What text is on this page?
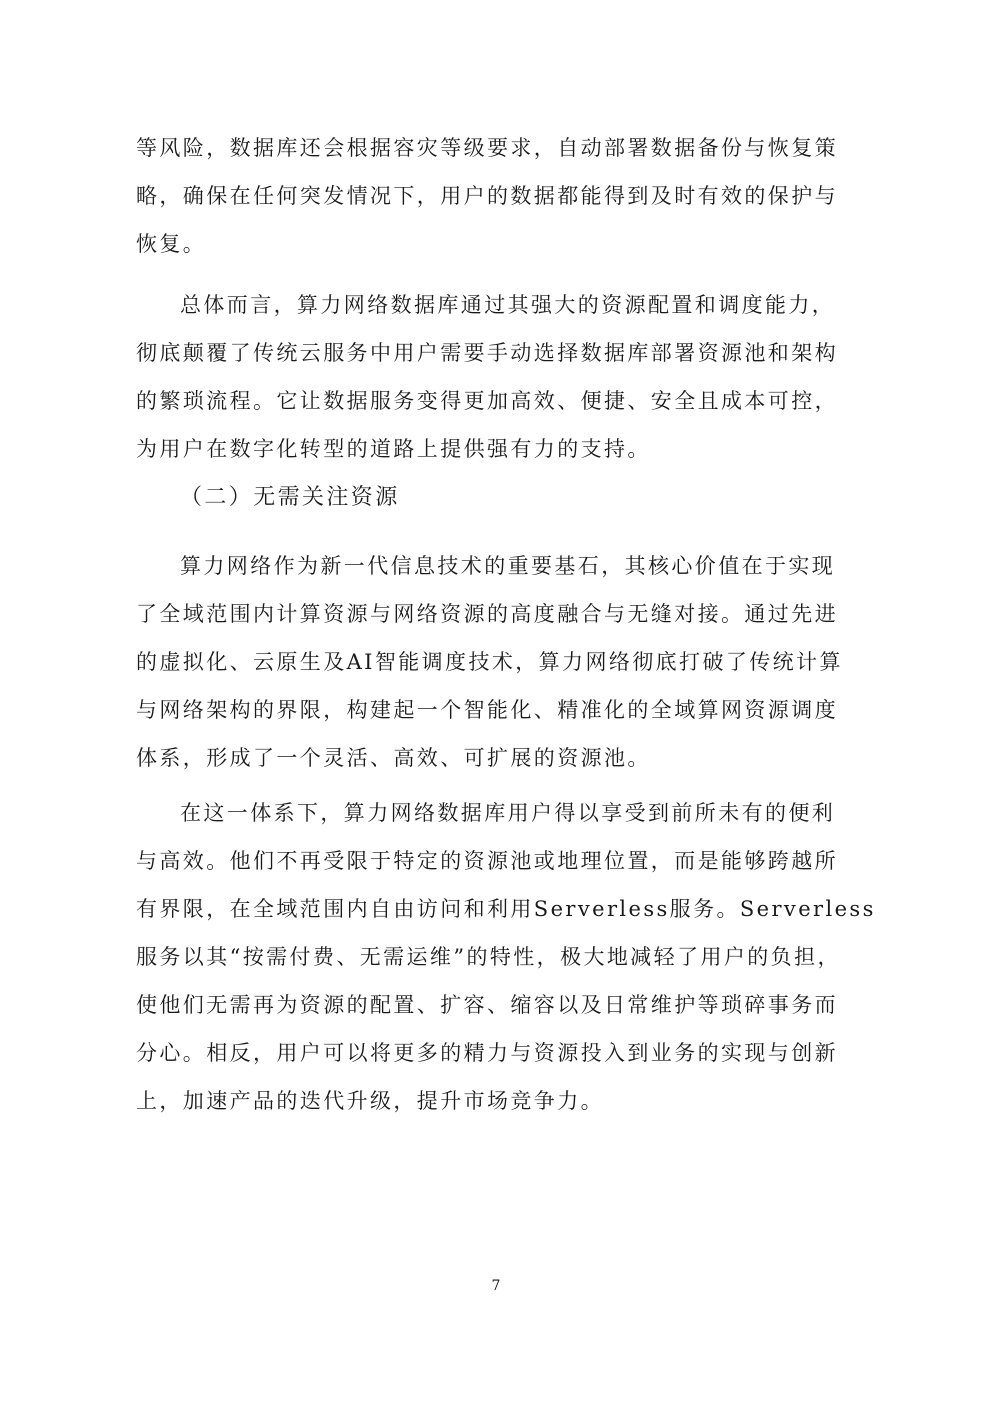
等风险，数据库还会根据容灾等级要求，自动部署数据备份与恢复策
略，确保在任何突发情况下，用户的数据都能得到及时有效的保护与
恢复。
总体而言，算力网络数据库通过其强大的资源配置和调度能力，
彻底颠覆了传统云服务中用户需要手动选择数据库部署资源池和架构
的繁琐流程。它让数据服务变得更加高效、便捷、安全且成本可控，
为用户在数字化转型的道路上提供强有力的支持。
（二）无需关注资源
算力网络作为新一代信息技术的重要基石，其核心价值在于实现
了全域范围内计算资源与网络资源的高度融合与无缝对接。通过先进
的虚拟化、云原生及AI智能调度技术，算力网络彻底打破了传统计算
与网络架构的界限，构建起一个智能化、精准化的全域算网资源调度
体系，形成了一个灵活、高效、可扩展的资源池。
在这一体系下，算力网络数据库用户得以享受到前所未有的便利
与高效。他们不再受限于特定的资源池或地理位置，而是能够跨越所
有界限，在全域范围内自由访问和利用Serverless服务。Serverless
服务以其“按需付费、无需运维”的特性，极大地减轻了用户的负担，
使他们无需再为资源的配置、扩容、缩容以及日常维护等琐碎事务而
分心。相反，用户可以将更多的精力与资源投入到业务的实现与创新
上，加速产品的迭代升级，提升市场竞争力。
7
